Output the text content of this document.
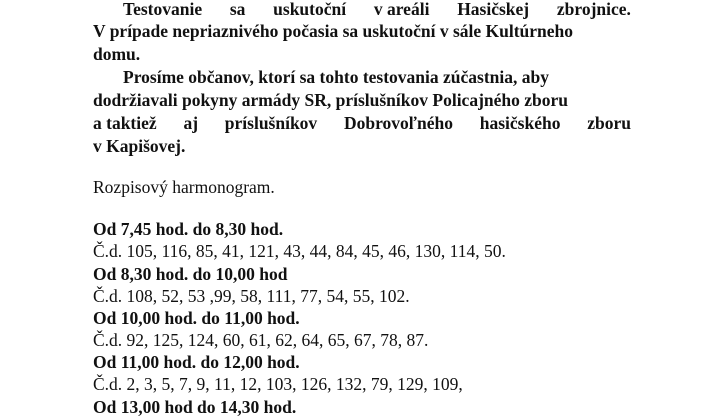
Testovanie sa uskutoční v areáli Hasičskej zbrojnice.
V prípade nepriaznivého počasia sa uskutoční v sále Kultúrneho
domu.
Prosíme občanov, ktorí sa tohto testovania zúčastnia, aby
dodržiavali pokyny armády SR, príslušníkov Policajného zboru
a taktiež aj príslušníkov Dobrovoľného hasičského zboru
v Kapišovej.
Rozpisový harmonogram.
Od 7,45 hod. do 8,30 hod.
Č.d. 105, 116, 85, 41, 121, 43, 44, 84, 45, 46, 130, 114, 50.
Od 8,30 hod. do 10,00 hod
Č.d. 108, 52, 53 ,99, 58, 111, 77, 54, 55, 102.
Od 10,00 hod. do 11,00 hod.
Č.d. 92, 125, 124, 60, 61, 62, 64, 65, 67, 78, 87.
Od 11,00 hod. do 12,00 hod.
Č.d. 2, 3, 5, 7, 9, 11, 12, 103, 126, 132, 79, 129, 109,
Od 13,00 hod do 14,30 hod.
